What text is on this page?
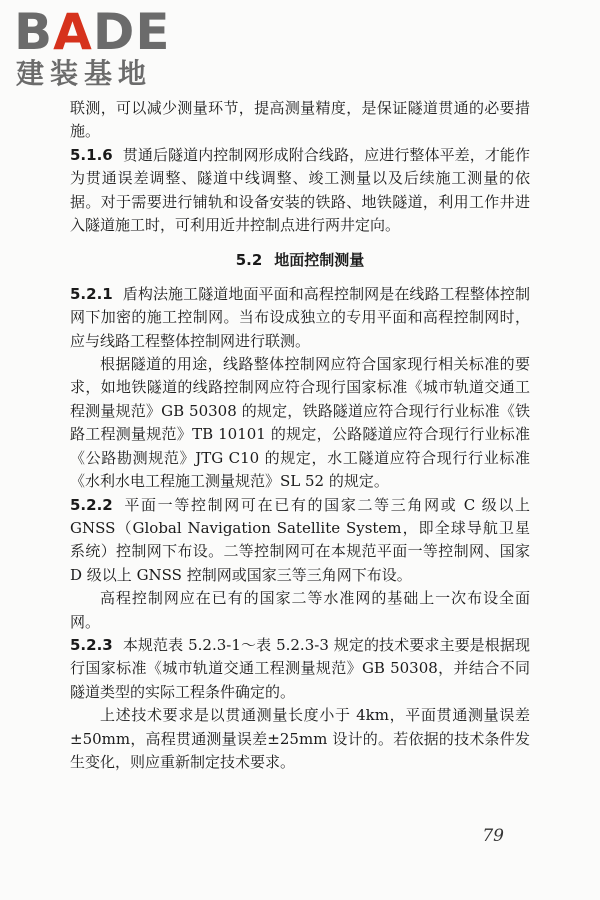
BADE
建装基地

联测，可以减少测量环节，提高测量精度，是保证隧道贯通的必要措施。

5.1.6 贯通后隧道内控制网形成附合线路，应进行整体平差，才能作为贯通误差调整、隧道中线调整、竣工测量以及后续施工测量的依据。对于需要进行铺轨和设备安装的铁路、地铁隧道，利用工作井进入隧道施工时，可利用近井控制点进行两井定向。

5.2 地面控制测量

5.2.1 盾构法施工隧道地面平面和高程控制网是在线路工程整体控制网下加密的施工控制网。当布设成独立的专用平面和高程控制网时，应与线路工程整体控制网进行联测。

根据隧道的用途，线路整体控制网应符合国家现行相关标准的要求，如地铁隧道的线路控制网应符合现行国家标准《城市轨道交通工程测量规范》GB 50308 的规定，铁路隧道应符合现行行业标准《铁路工程测量规范》TB 10101 的规定，公路隧道应符合现行行业标准《公路勘测规范》JTG C10 的规定，水工隧道应符合现行行业标准《水利水电工程施工测量规范》SL 52 的规定。

5.2.2 平面一等控制网可在已有的国家二等三角网或 C 级以上 GNSS（Global Navigation Satellite System，即全球导航卫星系统）控制网下布设。二等控制网可在本规范平面一等控制网、国家 D 级以上 GNSS 控制网或国家三等三角网下布设。

高程控制网应在已有的国家二等水准网的基础上一次布设全面网。

5.2.3 本规范表 5.2.3-1～表 5.2.3-3 规定的技术要求主要是根据现行国家标准《城市轨道交通工程测量规范》GB 50308，并结合不同隧道类型的实际工程条件确定的。

上述技术要求是以贯通测量长度小于 4km，平面贯通测量误差±50mm，高程贯通测量误差±25mm 设计的。若依据的技术条件发生变化，则应重新制定技术要求。

79
